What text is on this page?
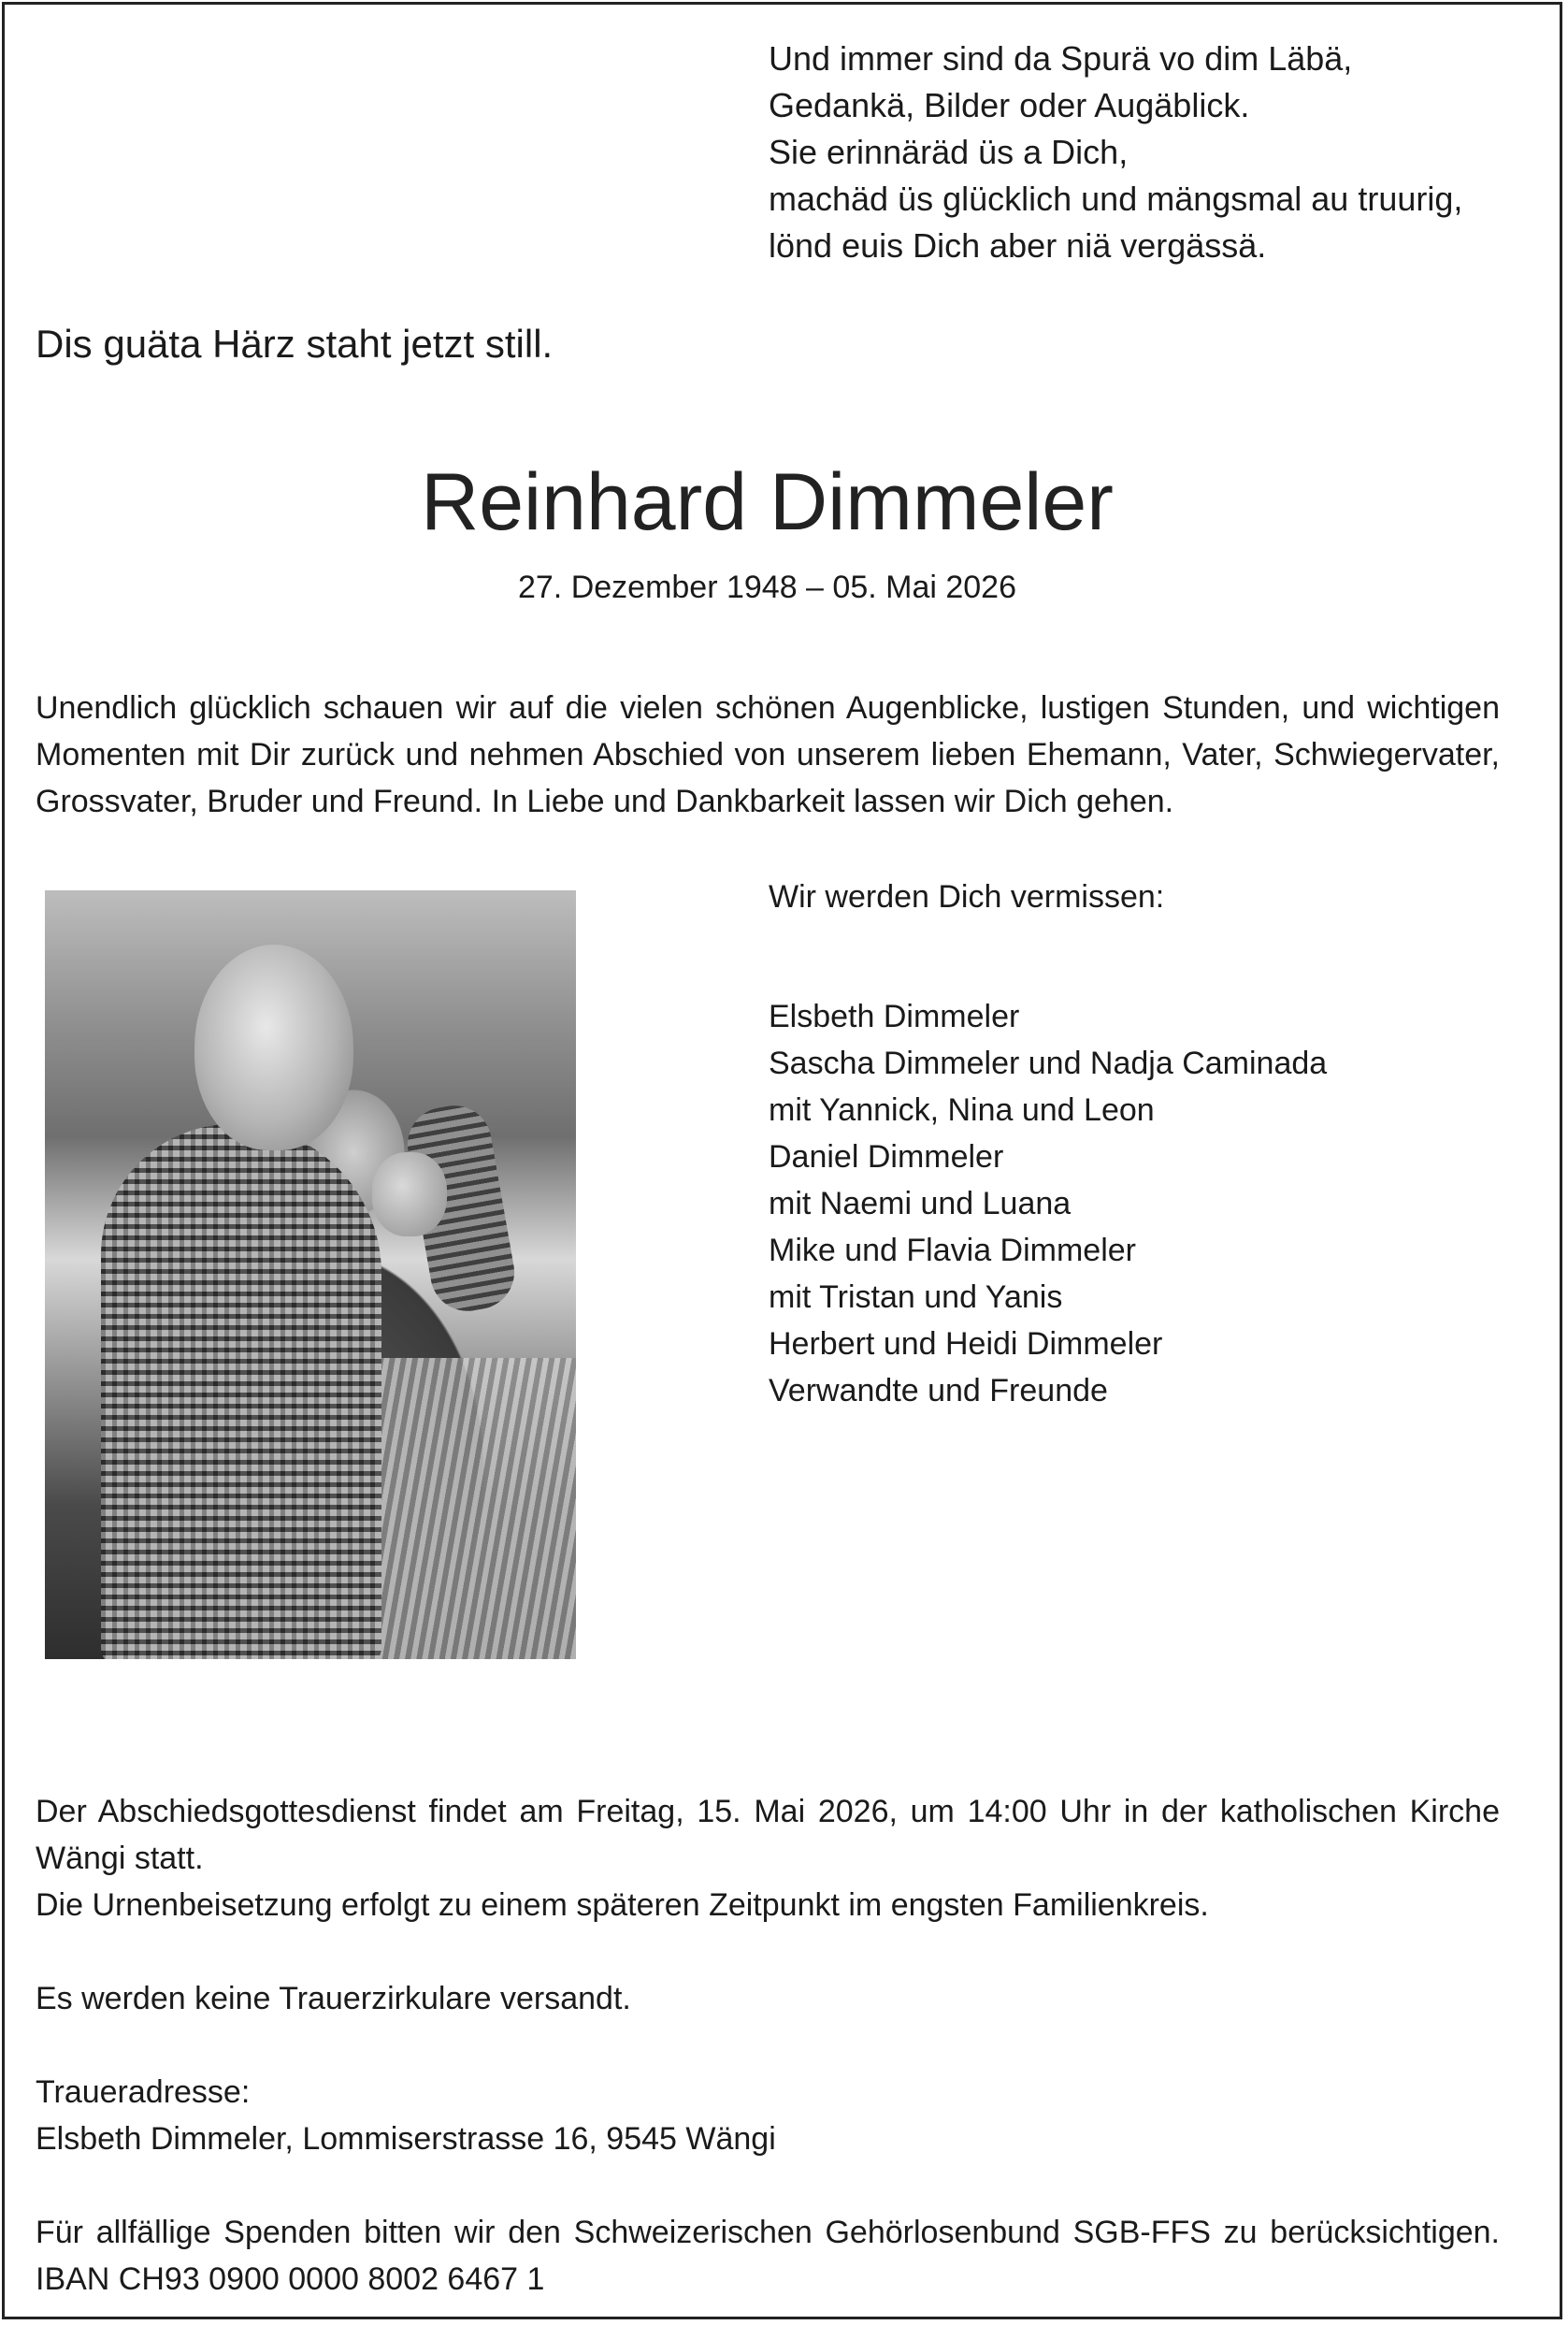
Und immer sind da Spurä vo dim Läbä,
Gedankä, Bilder oder Augäblick.
Sie erinnäräd üs a Dich,
machäd üs glücklich und mängsmal au truurig,
lönd euis Dich aber niä vergässä.
Dis guäta Härz staht jetzt still.
Reinhard Dimmeler
27. Dezember 1948 – 05. Mai 2026
Unendlich glücklich schauen wir auf die vielen schönen Augenblicke, lustigen Stunden, und wichtigen Momenten mit Dir zurück und nehmen Abschied von unserem lieben Ehemann, Vater, Schwiegervater, Grossvater, Bruder und Freund. In Liebe und Dankbarkeit lassen wir Dich gehen.
Wir werden Dich vermissen:
Elsbeth Dimmeler
Sascha Dimmeler und Nadja Caminada
mit Yannick, Nina und Leon
Daniel Dimmeler
mit Naemi und Luana
Mike und Flavia Dimmeler
mit Tristan und Yanis
Herbert und Heidi Dimmeler
Verwandte und Freunde

Der Abschiedsgottesdienst findet am Freitag, 15. Mai 2026, um 14:00 Uhr in der katholischen Kirche Wängi statt.

Die Urnenbeisetzung erfolgt zu einem späteren Zeitpunkt im engsten Familienkreis.

Es werden keine Trauerzirkulare versandt.

Traueradresse:

Elsbeth Dimmeler, Lommiserstrasse 16, 9545 Wängi

Für allfällige Spenden bitten wir den Schweizerischen Gehörlosenbund SGB-FFS zu berücksichtigen. IBAN CH93 0900 0000 8002 6467 1
